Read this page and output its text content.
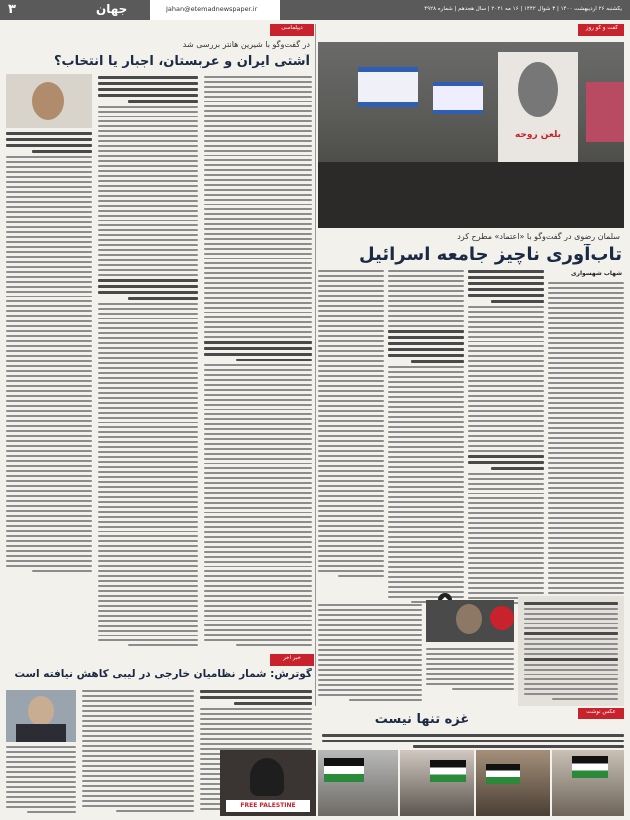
۳	جهان	Jahan@etemadnewspaper.ir	یکشنبه ۲۶ اردیبهشت ۱۴۰۰ | ۳ شوال ۱۴۴۲ | ۱۶ مه ۲۰۲۱ | سال هجدهم | شماره ۴۹۲۸
گفت و گو روز
بلعن روحه
سلمان رضوی در گفت‌وگو با «اعتماد» مطرح کرد
تاب‌آوری ناچیز جامعه اسرائیل
شهاب شهسواری
دیپلماسی
در گفت‌وگو با شیرین هانتر بررسی شد
آشتی ایران و عربستان، اجبار یا انتخاب؟
خبر آخر
گوترش: شمار نظامیان خارجی در لیبی کاهش نیافته است
عکس نوشت
غزه تنها نیست
FREE PALESTINE
